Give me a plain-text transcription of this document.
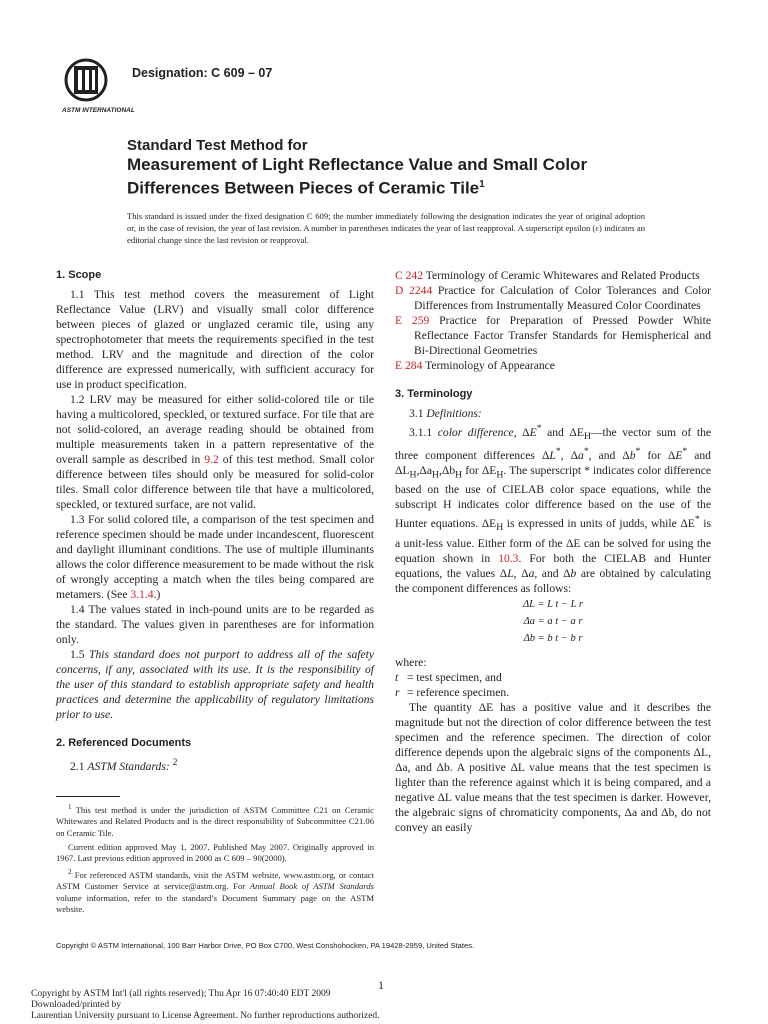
ASTM INTERNATIONAL
Designation: C 609 – 07
Standard Test Method for
Measurement of Light Reflectance Value and Small Color
Differences Between Pieces of Ceramic Tile$^1$
This standard is issued under the fixed designation C 609; the number immediately following the designation indicates the year of original adoption or, in the case of revision, the year of last revision. A number in parentheses indicates the year of last reapproval. A superscript epsilon (ε) indicates an editorial change since the last revision or reapproval.

1. Scope

1.1 This test method covers the measurement of Light Reflectance Value (LRV) and visually small color difference between pieces of glazed or unglazed ceramic tile, using any spectrophotometer that meets the requirements specified in the test method. LRV and the magnitude and direction of the color difference are expressed numerically, with sufficient accuracy for use in product specification.

1.2 LRV may be measured for either solid-colored tile or tile having a multicolored, speckled, or textured surface. For tile that are not solid-colored, an average reading should be obtained from multiple measurements taken in a pattern representative of the overall sample as described in 9.2 of this test method. Small color difference between tiles should only be measured for solid-color tiles. Small color difference between tile that have a multicolored, speckled, or textured surface, are not valid.

1.3 For solid colored tile, a comparison of the test specimen and reference specimen should be made under incandescent, fluorescent and daylight illuminant conditions. The use of multiple illuminants allows the color difference measurement to be made without the risk of wrongly accepting a match when the tiles being compared are metamers. (See 3.1.4.)

1.4 The values stated in inch-pound units are to be regarded as the standard. The values given in parentheses are for information only.

1.5 This standard does not purport to address all of the safety concerns, if any, associated with its use. It is the responsibility of the user of this standard to establish appropriate safety and health practices and determine the applicability of regulatory limitations prior to use.

2. Referenced Documents

2.1 ASTM Standards: $^2$

$^1$ This test method is under the jurisdiction of ASTM Committee C21 on Ceramic Whitewares and Related Products and is the direct responsibility of Subcommittee C21.06 on Ceramic Tile.

Current edition approved May 1, 2007. Published May 2007. Originally approved in 1967. Last previous edition approved in 2000 as C 609 – 90(2000).

$^2$ For referenced ASTM standards, visit the ASTM website, www.astm.org, or contact ASTM Customer Service at service@astm.org. For Annual Book of ASTM Standards volume information, refer to the standard’s Document Summary page on the ASTM website.

C 242 Terminology of Ceramic Whitewares and Related Products

D 2244 Practice for Calculation of Color Tolerances and Color Differences from Instrumentally Measured Color Coordinates

E 259 Practice for Preparation of Pressed Powder White Reflectance Factor Transfer Standards for Hemispherical and Bi-Directional Geometries

E 284 Terminology of Appearance

3. Terminology

3.1 Definitions:

3.1.1 color difference, ΔE* and $\Delta E_H—the$ vector sum of the three component differences ΔL*, Δa*, and Δb* for ΔE* and $\Delta L_H,\Delta a_H,\Delta b_H$ for $\Delta E_H$. The superscript * indicates color difference based on the use of CIELAB color space equations, while the subscript H indicates color difference based on the use of the Hunter equations. $\Delta E_H$ is expressed in units of judds, while ΔE* is a unit-less value. Either form of the ΔE can be solved for using the equation shown in 10.3. For both the CIELAB and Hunter equations, the values ΔL, Δa, and Δb are obtained by calculating the component differences as follows:

ΔL = L t − L r
Δa = a t − a r
Δb = b t − b r

where:

t = test specimen, and
r = reference specimen.

The quantity ΔE has a positive value and it describes the magnitude but not the direction of color difference between the test specimen and the reference specimen. The direction of color difference depends upon the algebraic signs of the components ΔL, Δa, and Δb. A positive ΔL value means that the test specimen is lighter than the reference against which it is being compared, and a negative ΔL value means that the test specimen is darker. However, the algebraic signs of chromaticity components, Δa and Δb, do not convey an easily

Copyright © ASTM International, 100 Barr Harbor Drive, PO Box C700, West Conshohocken, PA 19428-2959, United States.
1
Copyright by ASTM Int'l (all rights reserved); Thu Apr 16 07:40:40 EDT 2009
Downloaded/printed by
Laurentian University pursuant to License Agreement. No further reproductions authorized.
